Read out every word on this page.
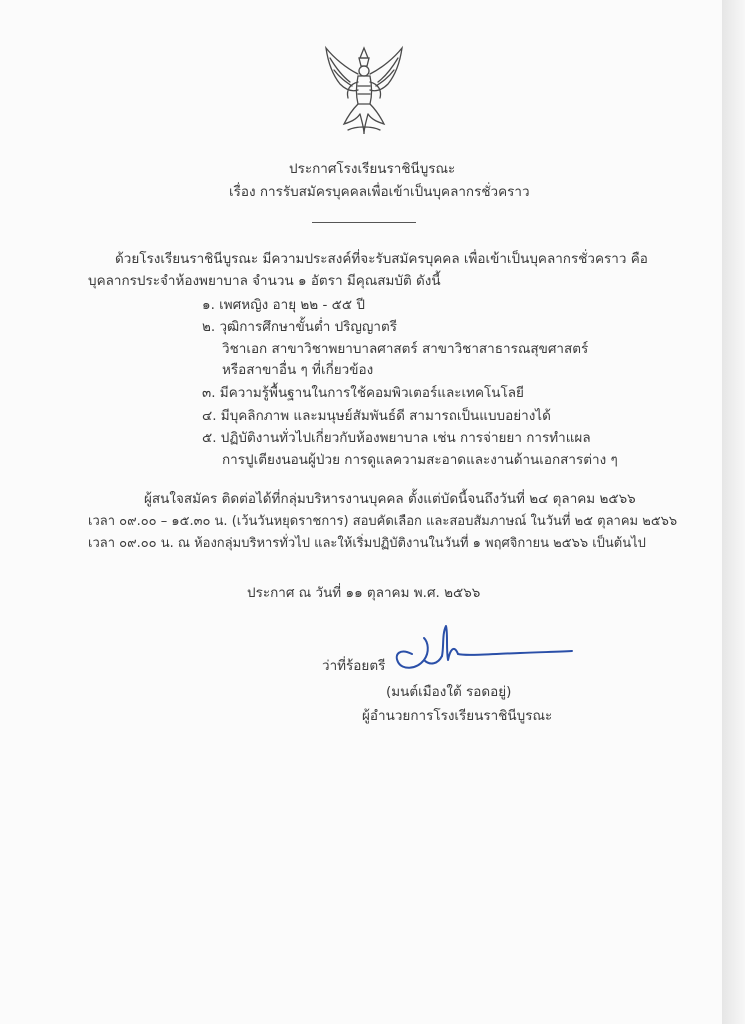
ประกาศโรงเรียนราชินีบูรณะ
เรื่อง การรับสมัครบุคคลเพื่อเข้าเป็นบุคลากรชั่วคราว
ด้วยโรงเรียนราชินีบูรณะ มีความประสงค์ที่จะรับสมัครบุคคล เพื่อเข้าเป็นบุคลากรชั่วคราว คือ
บุคลากรประจำห้องพยาบาล จำนวน ๑ อัตรา มีคุณสมบัติ ดังนี้
๑. เพศหญิง อายุ ๒๒ - ๕๕ ปี
๒. วุฒิการศึกษาขั้นต่ำ ปริญญาตรี
วิชาเอก สาขาวิชาพยาบาลศาสตร์ สาขาวิชาสาธารณสุขศาสตร์
หรือสาขาอื่น ๆ ที่เกี่ยวข้อง
๓. มีความรู้พื้นฐานในการใช้คอมพิวเตอร์และเทคโนโลยี
๔. มีบุคลิกภาพ และมนุษย์สัมพันธ์ดี สามารถเป็นแบบอย่างได้
๕. ปฏิบัติงานทั่วไปเกี่ยวกับห้องพยาบาล เช่น การจ่ายยา การทำแผล
การปูเตียงนอนผู้ป่วย การดูแลความสะอาดและงานด้านเอกสารต่าง ๆ
ผู้สนใจสมัคร ติดต่อได้ที่กลุ่มบริหารงานบุคคล ตั้งแต่บัดนี้จนถึงวันที่ ๒๔ ตุลาคม ๒๕๖๖
เวลา ๐๙.๐๐ – ๑๕.๓๐ น. (เว้นวันหยุดราชการ) สอบคัดเลือก และสอบสัมภาษณ์ ในวันที่ ๒๕ ตุลาคม ๒๕๖๖
เวลา ๐๙.๐๐ น. ณ ห้องกลุ่มบริหารทั่วไป และให้เริ่มปฏิบัติงานในวันที่ ๑ พฤศจิกายน ๒๕๖๖ เป็นต้นไป
ประกาศ ณ วันที่ ๑๑ ตุลาคม พ.ศ. ๒๕๖๖
ว่าที่ร้อยตรี
(มนต์เมืองใต้ รอดอยู่)
ผู้อำนวยการโรงเรียนราชินีบูรณะ
